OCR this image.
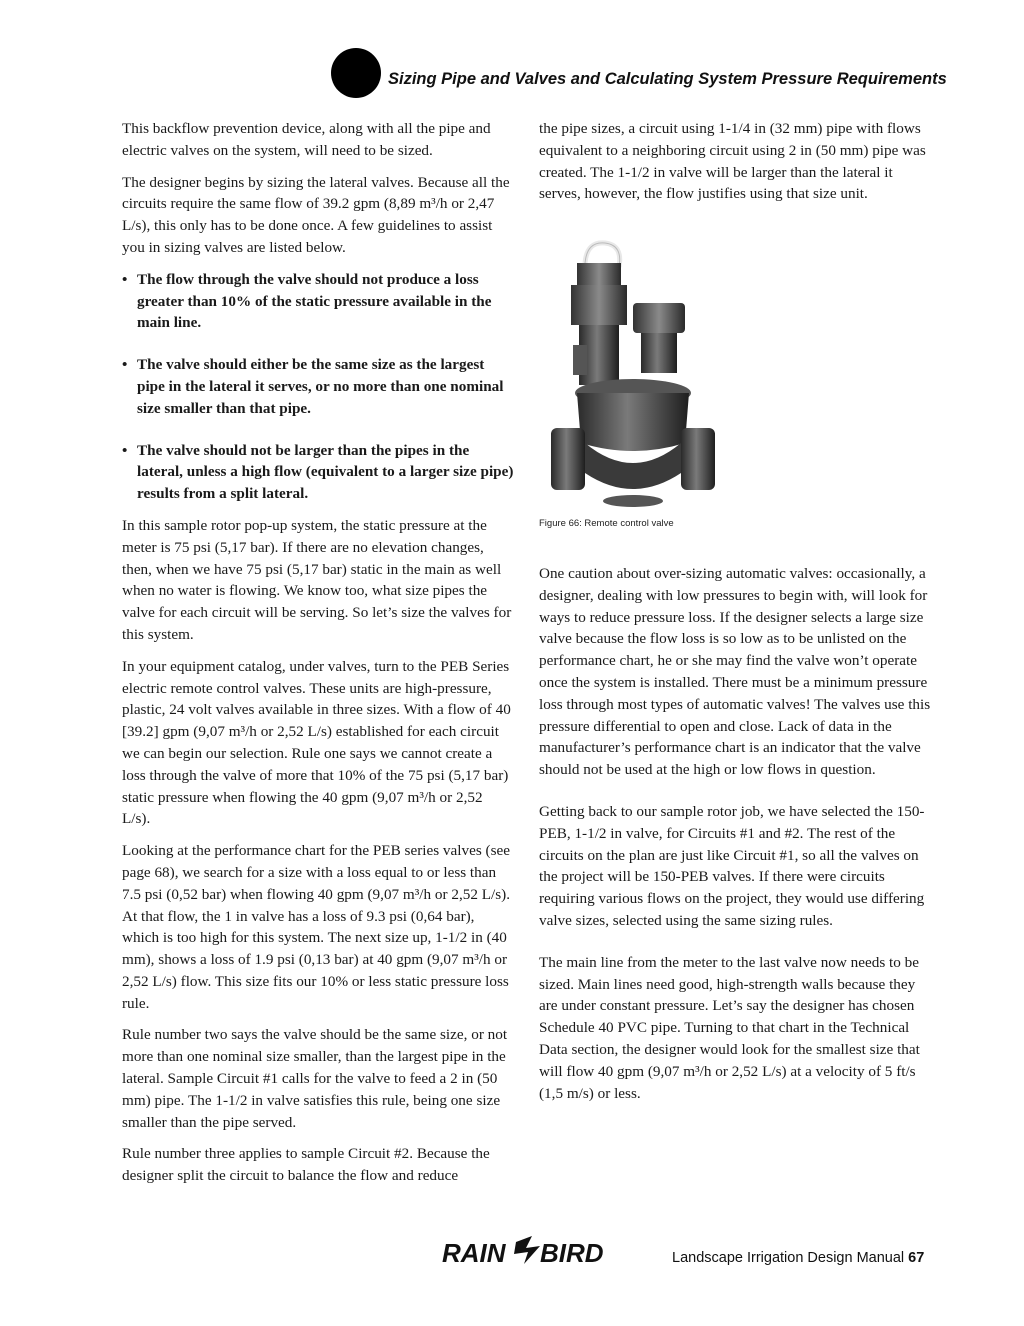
Sizing Pipe and Valves and Calculating System Pressure Requirements

This backflow prevention device, along with all the pipe and electric valves on the system, will need to be sized.

The designer begins by sizing the lateral valves. Because all the circuits require the same flow of 39.2 gpm (8,89 m³/h or 2,47 L/s), this only has to be done once. A few guidelines to assist you in sizing valves are listed below.

• The flow through the valve should not produce a loss greater than 10% of the static pressure available in the main line.
• The valve should either be the same size as the largest pipe in the lateral it serves, or no more than one nominal size smaller than that pipe.
• The valve should not be larger than the pipes in the lateral, unless a high flow (equivalent to a larger size pipe) results from a split lateral.

In this sample rotor pop-up system, the static pressure at the meter is 75 psi (5,17 bar). If there are no elevation changes, then, when we have 75 psi (5,17 bar) static in the main as well when no water is flowing. We know too, what size pipes the valve for each circuit will be serving. So let’s size the valves for this system.

In your equipment catalog, under valves, turn to the PEB Series electric remote control valves. These units are high-pressure, plastic, 24 volt valves available in three sizes. With a flow of 40 [39.2] gpm (9,07 m³/h or 2,52 L/s) established for each circuit we can begin our selection. Rule one says we cannot create a loss through the valve of more that 10% of the 75 psi (5,17 bar) static pressure when flowing the 40 gpm (9,07 m³/h or 2,52 L/s).

Looking at the performance chart for the PEB series valves (see page 68), we search for a size with a loss equal to or less than 7.5 psi (0,52 bar) when flowing 40 gpm (9,07 m³/h or 2,52 L/s). At that flow, the 1 in valve has a loss of 9.3 psi (0,64 bar), which is too high for this system. The next size up, 1-1/2 in (40 mm), shows a loss of 1.9 psi (0,13 bar) at 40 gpm (9,07 m³/h or 2,52 L/s) flow. This size fits our 10% or less static pressure loss rule.

Rule number two says the valve should be the same size, or not more than one nominal size smaller, than the largest pipe in the lateral. Sample Circuit #1 calls for the valve to feed a 2 in (50 mm) pipe. The 1-1/2 in valve satisfies this rule, being one size smaller than the pipe served.

Rule number three applies to sample Circuit #2. Because the designer split the circuit to balance the flow and reduce

the pipe sizes, a circuit using 1-1/4 in (32 mm) pipe with flows equivalent to a neighboring circuit using 2 in (50 mm) pipe was created. The 1-1/2 in valve will be larger than the lateral it serves, however, the flow justifies using that size unit.

Figure 66: Remote control valve

One caution about over-sizing automatic valves: occasionally, a designer, dealing with low pressures to begin with, will look for ways to reduce pressure loss. If the designer selects a large size valve because the flow loss is so low as to be unlisted on the performance chart, he or she may find the valve won’t operate once the system is installed. There must be a minimum pressure loss through most types of automatic valves! The valves use this pressure differential to open and close. Lack of data in the manufacturer’s performance chart is an indicator that the valve should not be used at the high or low flows in question.

Getting back to our sample rotor job, we have selected the 150-PEB, 1-1/2 in valve, for Circuits #1 and #2. The rest of the circuits on the plan are just like Circuit #1, so all the valves on the project will be 150-PEB valves. If there were circuits requiring various flows on the project, they would use differing valve sizes, selected using the same sizing rules.

The main line from the meter to the last valve now needs to be sized. Main lines need good, high-strength walls because they are under constant pressure. Let’s say the designer has chosen Schedule 40 PVC pipe. Turning to that chart in the Technical Data section, the designer would look for the smallest size that will flow 40 gpm (9,07 m³/h or 2,52 L/s) at a velocity of 5 ft/s (1,5 m/s) or less.

RAIN BIRD	Landscape Irrigation Design Manual 67
